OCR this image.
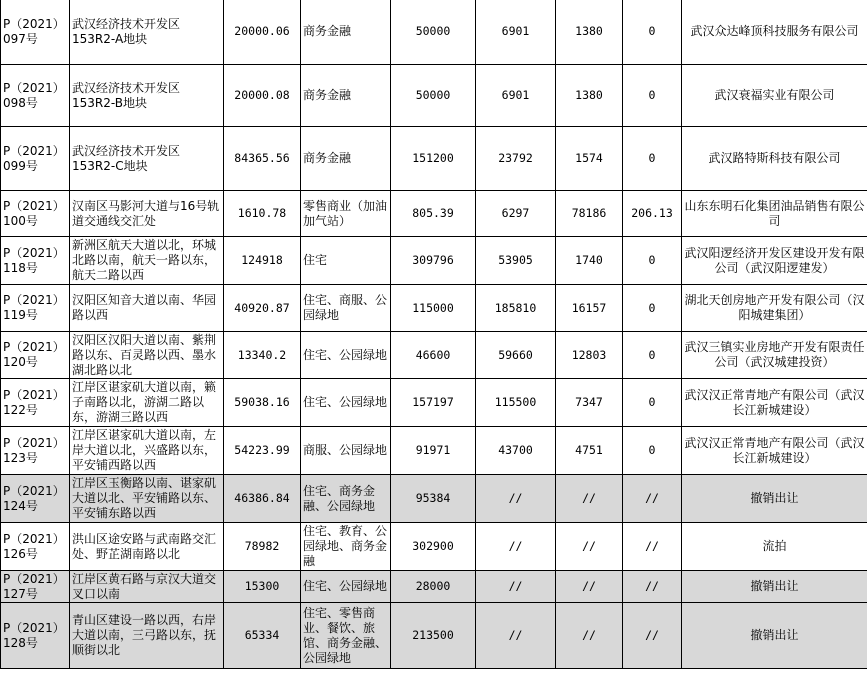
P（2021）097号	武汉经济技术开发区153R2-A地块	20000.06	商务金融	50000	6901	1380	0	武汉众达峰顶科技服务有限公司
P（2021）098号	武汉经济技术开发区153R2-B地块	20000.08	商务金融	50000	6901	1380	0	武汉衰福实业有限公司
P（2021）099号	武汉经济技术开发区153R2-C地块	84365.56	商务金融	151200	23792	1574	0	武汉路特斯科技有限公司
P（2021）100号	汉南区马影河大道与16号轨道交通线交汇处	1610.78	零售商业（加油加气站）	805.39	6297	78186	206.13	山东东明石化集团油品销售有限公司
P（2021）118号	新洲区航天大道以北，环城北路以南，航天一路以东，航天二路以西	124918	住宅	309796	53905	1740	0	武汉阳逻经济开发区建设开发有限公司（武汉阳逻建发）
P（2021）119号	汉阳区知音大道以南、华园路以西	40920.87	住宅、商服、公园绿地	115000	185810	16157	0	湖北天创房地产开发有限公司（汉阳城建集团）
P（2021）120号	汉阳区汉阳大道以南、紫荆路以东、百灵路以西、墨水湖北路以北	13340.2	住宅、公园绿地	46600	59660	12803	0	武汉三镇实业房地产开发有限责任公司（武汉城建投资）
P（2021）122号	江岸区谌家矶大道以南，籁子南路以北，游湖二路以东，游湖三路以西	59038.16	住宅、公园绿地	157197	115500	7347	0	武汉汉正常青地产有限公司（武汉长江新城建设）
P（2021）123号	江岸区谌家矶大道以南，左岸大道以北，兴盛路以东，平安铺西路以西	54223.99	商服、公园绿地	91971	43700	4751	0	武汉汉正常青地产有限公司（武汉长江新城建设）
P（2021）124号	江岸区玉衡路以南、谌家矶大道以北、平安铺路以东、平安铺东路以西	46386.84	住宅、商务金融、公园绿地	95384	//	//	//	撤销出让
P（2021）126号	洪山区途安路与武南路交汇处、野芷湖南路以北	78982	住宅、教育、公园绿地、商务金融	302900	//	//	//	流拍
P（2021）127号	江岸区黄石路与京汉大道交叉口以南	15300	住宅、公园绿地	28000	//	//	//	撤销出让
P（2021）128号	青山区建设一路以西，右岸大道以南，三弓路以东，抚顺街以北	65334	住宅、零售商业、餐饮、旅馆、商务金融、公园绿地	213500	//	//	//	撤销出让
